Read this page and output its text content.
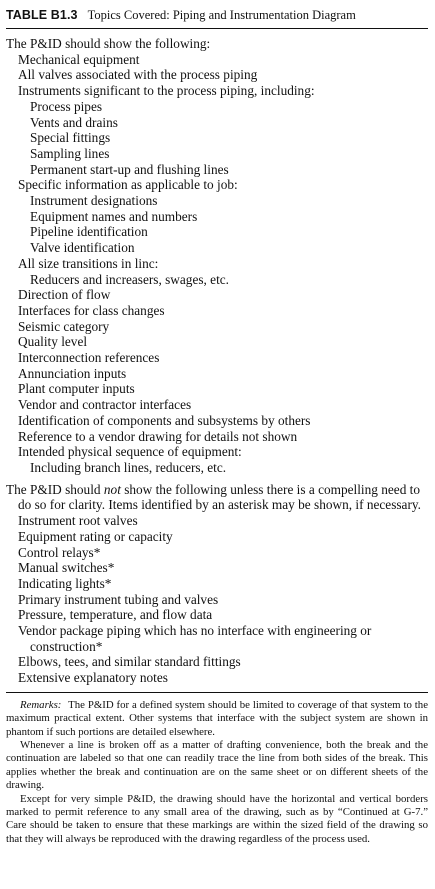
TABLE B1.3 Topics Covered: Piping and Instrumentation Diagram

The P&ID should show the following:

Mechanical equipment
All valves associated with the process piping
Instruments significant to the process piping, including:
Process pipes
Vents and drains
Special fittings
Sampling lines
Permanent start-up and flushing lines
Specific information as applicable to job:
Instrument designations
Equipment names and numbers
Pipeline identification
Valve identification
All size transitions in linc:
Reducers and increasers, swages, etc.
Direction of flow
Interfaces for class changes
Seismic category
Quality level
Interconnection references
Annunciation inputs
Plant computer inputs
Vendor and contractor interfaces
Identification of components and subsystems by others
Reference to a vendor drawing for details not shown
Intended physical sequence of equipment:
Including branch lines, reducers, etc.

The P&ID should not show the following unless there is a compelling need to do so for clarity. Items identified by an asterisk may be shown, if necessary.

Instrument root valves
Equipment rating or capacity
Control relays*
Manual switches*
Indicating lights*
Primary instrument tubing and valves
Pressure, temperature, and flow data
Vendor package piping which has no interface with engineering or construction*
Elbows, tees, and similar standard fittings
Extensive explanatory notes

Remarks: The P&ID for a defined system should be limited to coverage of that system to the maximum practical extent. Other systems that interface with the subject system are shown in phantom if such portions are detailed elsewhere.

Whenever a line is broken off as a matter of drafting convenience, both the break and the continuation are labeled so that one can readily trace the line from both sides of the break. This applies whether the break and continuation are on the same sheet or on different sheets of the drawing.

Except for very simple P&ID, the drawing should have the horizontal and vertical borders marked to permit reference to any small area of the drawing, such as by “Continued at G-7.” Care should be taken to ensure that these markings are within the sized field of the drawing so that they will always be reproduced with the drawing regardless of the process used.
